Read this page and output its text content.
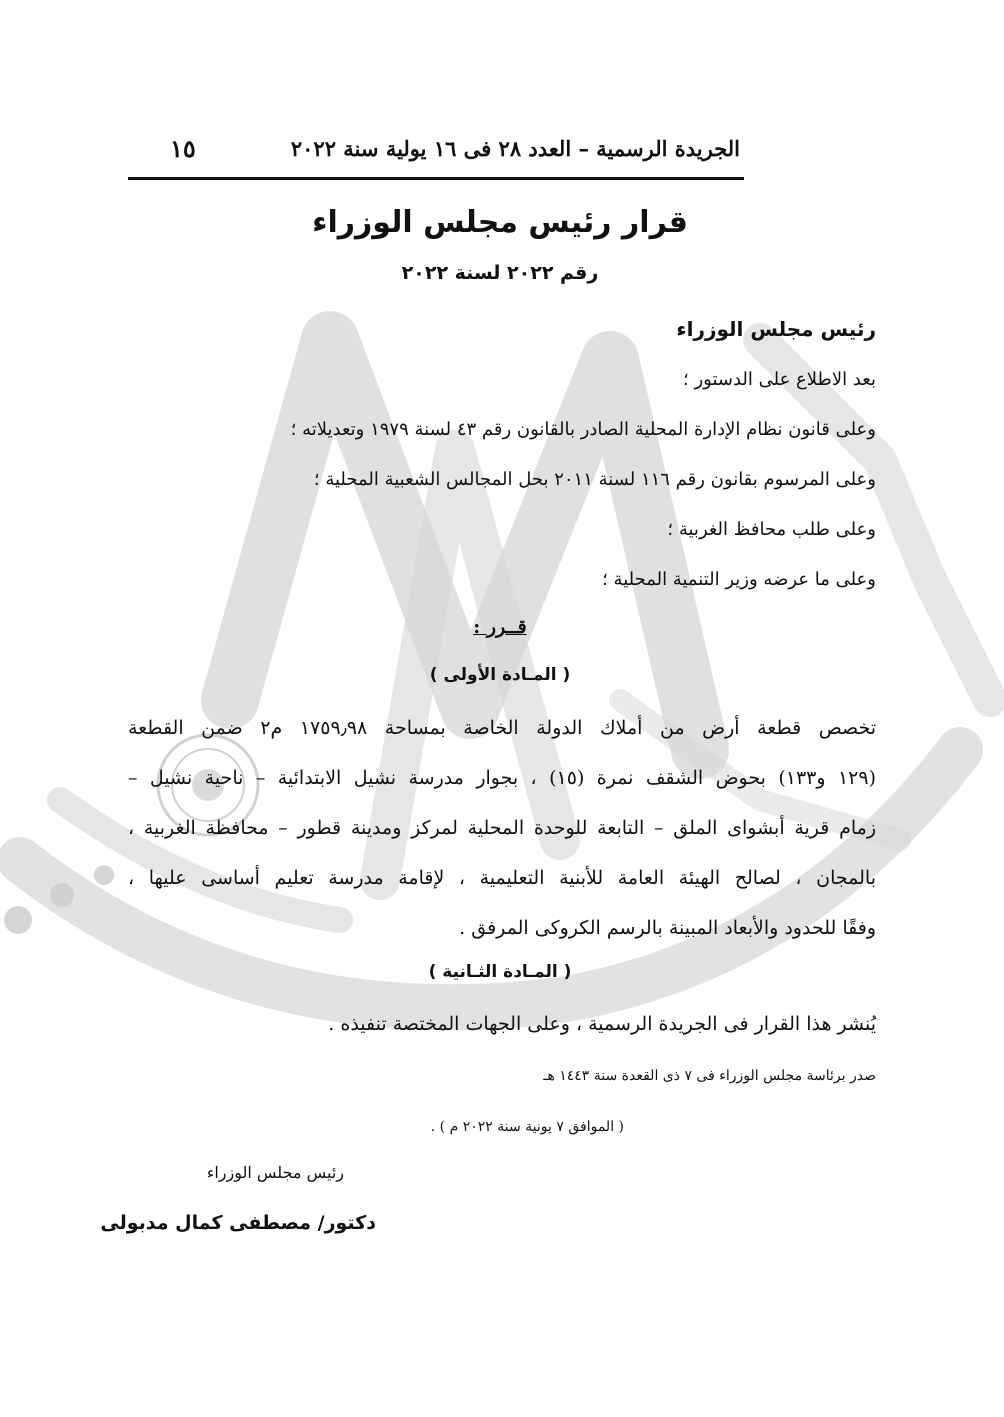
الجريدة الرسمية – العدد ٢٨ فى ١٦ يولية سنة ٢٠٢٢
١٥
قرار رئيس مجلس الوزراء
رقم ٢٠٢٢ لسنة ٢٠٢٢
رئيس مجلس الوزراء
بعد الاطلاع على الدستور ؛
وعلى قانون نظام الإدارة المحلية الصادر بالقانون رقم ٤٣ لسنة ١٩٧٩ وتعديلاته ؛
وعلى المرسوم بقانون رقم ١١٦ لسنة ٢٠١١ بحل المجالس الشعبية المحلية ؛
وعلى طلب محافظ الغربية ؛
وعلى ما عرضه وزير التنمية المحلية ؛
قــرر :
( المـادة الأولى )
تخصص قطعة أرض من أملاك الدولة الخاصة بمساحة ١٧٥٩٫٩٨ م٢ ضمن القطعة
(١٢٩ و١٣٣) بحوض الشقف نمرة (١٥) ، بجوار مدرسة نشيل الابتدائية – ناحية نشيل –
زمام قرية أبشواى الملق – التابعة للوحدة المحلية لمركز ومدينة قطور – محافظة الغربية ،
بالمجان ، لصالح الهيئة العامة للأبنية التعليمية ، لإقامة مدرسة تعليم أساسى عليها ،
وفقًا للحدود والأبعاد المبينة بالرسم الكروكى المرفق .
( المـادة الثـانية )
يُنشر هذا القرار فى الجريدة الرسمية ، وعلى الجهات المختصة تنفيذه .
صدر برئاسة مجلس الوزراء فى ٧ ذى القعدة سنة ١٤٤٣ هـ
( الموافق ٧ يونية سنة ٢٠٢٢ م ) .
رئيس مجلس الوزراء
دكتور/ مصطفى كمال مدبولى
